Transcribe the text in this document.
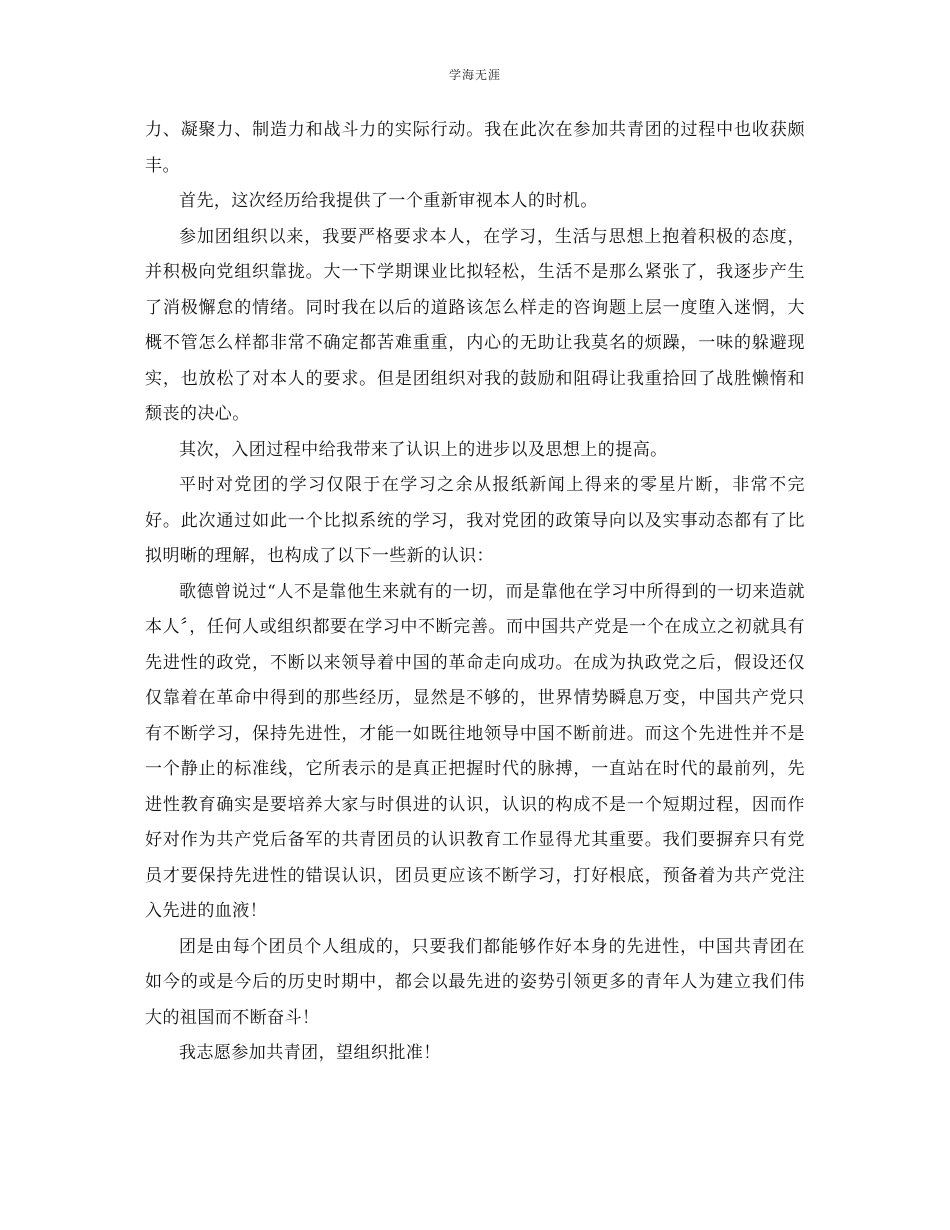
学海无涯

力、凝聚力、制造力和战斗力的实际行动。我在此次在参加共青团的过程中也收获颇丰。

首先，这次经历给我提供了一个重新审视本人的时机。

参加团组织以来，我要严格要求本人，在学习，生活与思想上抱着积极的态度，并积极向党组织靠拢。大一下学期课业比拟轻松，生活不是那么紧张了，我逐步产生了消极懈怠的情绪。同时我在以后的道路该怎么样走的咨询题上层一度堕入迷惘，大概不管怎么样都非常不确定都苦难重重，内心的无助让我莫名的烦躁，一味的躲避现实，也放松了对本人的要求。但是团组织对我的鼓励和阻碍让我重拾回了战胜懒惰和颓丧的决心。

其次，入团过程中给我带来了认识上的进步以及思想上的提高。

平时对党团的学习仅限于在学习之余从报纸新闻上得来的零星片断，非常不完好。此次通过如此一个比拟系统的学习，我对党团的政策导向以及实事动态都有了比拟明晰的理解，也构成了以下一些新的认识：

歌德曾说过“人不是靠他生来就有的一切，而是靠他在学习中所得到的一切来造就本人〞，任何人或组织都要在学习中不断完善。而中国共产党是一个在成立之初就具有先进性的政党，不断以来领导着中国的革命走向成功。在成为执政党之后，假设还仅仅靠着在革命中得到的那些经历，显然是不够的，世界情势瞬息万变，中国共产党只有不断学习，保持先进性，才能一如既往地领导中国不断前进。而这个先进性并不是一个静止的标准线，它所表示的是真正把握时代的脉搏，一直站在时代的最前列，先进性教育确实是要培养大家与时俱进的认识，认识的构成不是一个短期过程，因而作好对作为共产党后备军的共青团员的认识教育工作显得尤其重要。我们要摒弃只有党员才要保持先进性的错误认识，团员更应该不断学习，打好根底，预备着为共产党注入先进的血液！

团是由每个团员个人组成的，只要我们都能够作好本身的先进性，中国共青团在如今的或是今后的历史时期中，都会以最先进的姿势引领更多的青年人为建立我们伟大的祖国而不断奋斗！

我志愿参加共青团，望组织批准！
